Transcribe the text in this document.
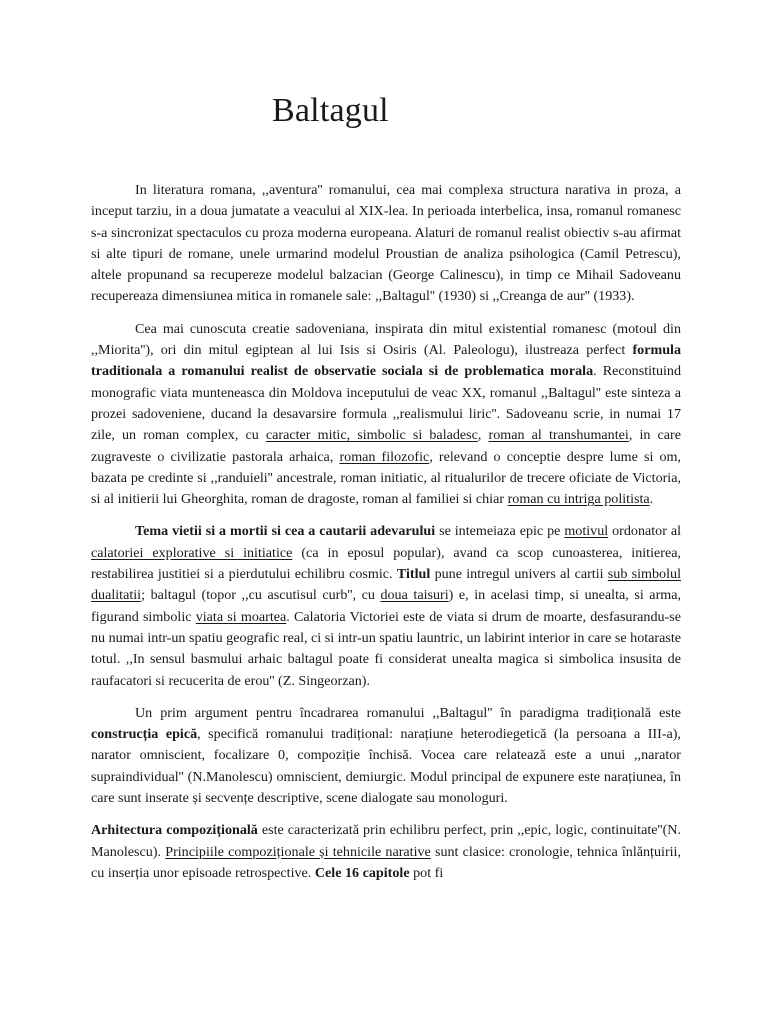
Baltagul

In literatura romana, ,,aventura'' romanului, cea mai complexa structura narativa in proza, a inceput tarziu, in a doua jumatate a veacului al XIX-lea. In perioada interbelica, insa, romanul romanesc s-a sincronizat spectaculos cu proza moderna europeana. Alaturi de romanul realist obiectiv s-au afirmat si alte tipuri de romane, unele urmarind modelul Proustian de analiza psihologica (Camil Petrescu), altele propunand sa recupereze modelul balzacian (George Calinescu), in timp ce Mihail Sadoveanu recupereaza dimensiunea mitica in romanele sale: ,,Baltagul'' (1930) si ,,Creanga de aur'' (1933).

Cea mai cunoscuta creatie sadoveniana, inspirata din mitul existential romanesc (motoul din ,,Miorita''), ori din mitul egiptean al lui Isis si Osiris (Al. Paleologu), ilustreaza perfect formula traditionala a romanului realist de observatie sociala si de problematica morala. Reconstituind monografic viata munteneasca din Moldova inceputului de veac XX, romanul ,,Baltagul'' este sinteza a prozei sadoveniene, ducand la desavarsire formula ,,realismului liric''. Sadoveanu scrie, in numai 17 zile, un roman complex, cu caracter mitic, simbolic si baladesc, roman al transhumantei, in care zugraveste o civilizatie pastorala arhaica, roman filozofic, relevand o conceptie despre lume si om, bazata pe credinte si ,,randuieli'' ancestrale, roman initiatic, al ritualurilor de trecere oficiate de Victoria, si al initierii lui Gheorghita, roman de dragoste, roman al familiei si chiar roman cu intriga politista.

Tema vietii si a mortii si cea a cautarii adevarului se intemeiaza epic pe motivul ordonator al calatoriei explorative si initiatice (ca in eposul popular), avand ca scop cunoasterea, initierea, restabilirea justitiei si a pierdutului echilibru cosmic. Titlul pune intregul univers al cartii sub simbolul dualitatii; baltagul (topor ,,cu ascutisul curb'', cu doua taisuri) e, in acelasi timp, si unealta, si arma, figurand simbolic viata si moartea. Calatoria Victoriei este de viata si drum de moarte, desfasurandu-se nu numai intr-un spatiu geografic real, ci si intr-un spatiu launtric, un labirint interior in care se hotaraste totul. ,,In sensul basmului arhaic baltagul poate fi considerat unealta magica si simbolica insusita de raufacatori si recucerita de erou'' (Z. Singeorzan).

Un prim argument pentru încadrarea romanului ,,Baltagul'' în paradigma tradițională este construcția epică, specifică romanului tradițional: narațiune heterodiegetică (la persoana a III-a), narator omniscient, focalizare 0, compoziție închisă. Vocea care relatează este a unui ,,narator supraindividual'' (N.Manolescu) omniscient, demiurgic. Modul principal de expunere este narațiunea, în care sunt inserate și secvențe descriptive, scene dialogate sau monologuri.

Arhitectura compozițională este caracterizată prin echilibru perfect, prin ,,epic, logic, continuitate''(N. Manolescu). Principiile compoziționale și tehnicile narative sunt clasice: cronologie, tehnica înlănțuirii, cu inserția unor episoade retrospective. Cele 16 capitole pot fi
